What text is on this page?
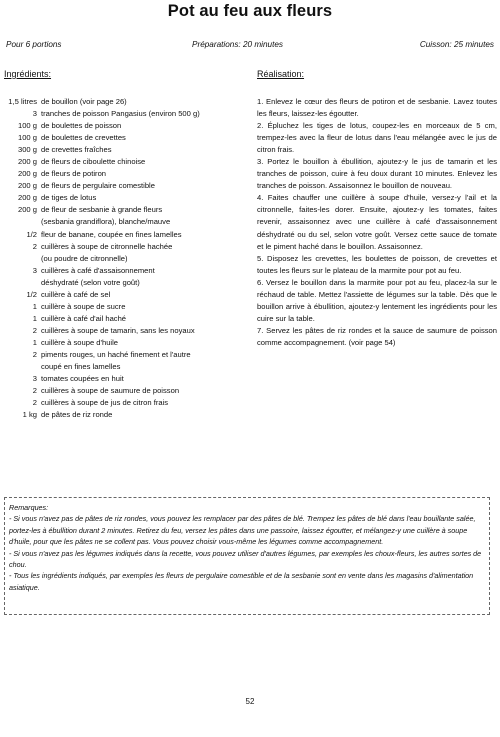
Pot au feu aux fleurs
Pour 6 portions	Préparations: 20 minutes	Cuisson: 25 minutes
Ingrédients:	Réalisation:
1,5 litres de bouillon (voir page 26)
3 tranches de poisson Pangasius (environ 500 g)
100 g de boulettes de poisson
100 g de boulettes de crevettes
300 g de crevettes fraîches
200 g de fleurs de ciboulette chinoise
200 g de fleurs de potiron
200 g de fleurs de pergulaire comestible
200 g de tiges de lotus
200 g de fleur de sesbanie à grande fleurs
(sesbania grandiflora), blanche/mauve
1/2 fleur de banane, coupée en fines lamelles
2 cuillères à soupe de citronnelle hachée
(ou poudre de citronnelle)
3 cuillères à café d'assaisonnement
déshydraté (selon votre goût)
1/2 cuillère à café de sel
1 cuillère à soupe de sucre
1 cuillère à café d'ail haché
2 cuillères à soupe de tamarin, sans les noyaux
1 cuillère à soupe d'huile
2 piments rouges, un haché finement et l'autre
coupé en fines lamelles
3 tomates coupées en huit
2 cuillères à soupe de saumure de poisson
2 cuillères à soupe de jus de citron frais
1 kg de pâtes de riz ronde

1. Enlevez le cœur des fleurs de potiron et de sesbanie. Lavez toutes les fleurs, laissez-les égoutter.

2. Épluchez les tiges de lotus, coupez-les en morceaux de 5 cm, trempez-les avec la fleur de lotus dans l'eau mélangée avec le jus de citron frais.

3. Portez le bouillon à ébullition, ajoutez-y le jus de tamarin et les tranches de poisson, cuire à feu doux durant 10 minutes. Enlevez les tranches de poisson. Assaisonnez le bouillon de nouveau.

4. Faites chauffer une cuillère à soupe d'huile, versez-y l'ail et la citronnelle, faites-les dorer. Ensuite, ajoutez-y les tomates, faites revenir, assaisonnez avec une cuillère à café d'assaisonnement déshydraté ou du sel, selon votre goût. Versez cette sauce de tomate et le piment haché dans le bouillon. Assaisonnez.

5. Disposez les crevettes, les boulettes de poisson, de crevettes et toutes les fleurs sur le plateau de la marmite pour pot au feu.

6. Versez le bouillon dans la marmite pour pot au feu, placez-la sur le réchaud de table. Mettez l'assiette de légumes sur la table. Dès que le bouillon arrive à ébullition, ajoutez-y lentement les ingrédients pour les cuire sur la table.

7. Servez les pâtes de riz rondes et la sauce de saumure de poisson comme accompagnement. (voir page 54)

Remarques:

- Si vous n'avez pas de pâtes de riz rondes, vous pouvez les remplacer par des pâtes de blé. Trempez les pâtes de blé dans l'eau bouillante salée, portez-les à ébullition durant 2 minutes. Retirez du feu, versez les pâtes dans une passoire, laissez égoutter, et mélangez-y une cuillère à soupe d'huile, pour que les pâtes ne se collent pas. Vous pouvez choisir vous-même les légumes comme accompagnement.

- Si vous n'avez pas les légumes indiqués dans la recette, vous pouvez utiliser d'autres légumes, par exemples les choux-fleurs, les autres sortes de chou.

- Tous les ingrédients indiqués, par exemples les fleurs de pergulaire comestible et de la sesbanie sont en vente dans les magasins d'alimentation asiatique.

52
